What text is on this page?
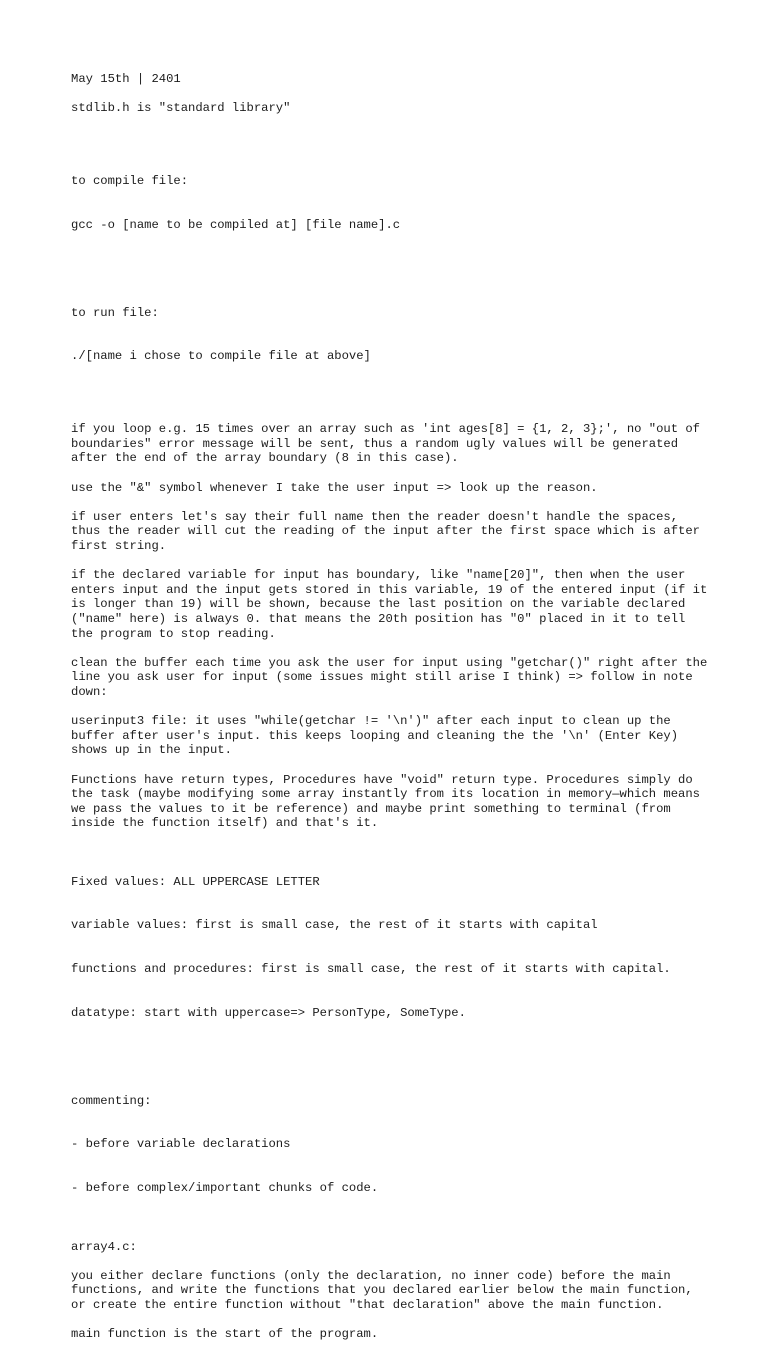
May 15th | 2401

stdlib.h is "standard library"

to compile file:

gcc -o [name to be compiled at] [file name].c

to run file:

./[name i chose to compile file at above]

if you loop e.g. 15 times over an array such as 'int ages[8] = {1, 2, 3};', no "out of boundaries" error message will be sent, thus a random ugly values will be generated after the end of the array boundary (8 in this case).

use the "&" symbol whenever I take the user input => look up the reason.

if user enters let's say their full name then the reader doesn't handle the spaces, thus the reader will cut the reading of the input after the first space which is after first string.

if the declared variable for input has boundary, like "name[20]", then when the user enters input and the input gets stored in this variable, 19 of the entered input (if it is longer than 19) will be shown, because the last position on the variable declared ("name" here) is always 0. that means the 20th position has "0" placed in it to tell the program to stop reading.

clean the buffer each time you ask the user for input using "getchar()" right after the line you ask user for input (some issues might still arise I think) => follow in note down:

userinput3 file: it uses "while(getchar != '\n')" after each input to clean up the buffer after user's input. this keeps looping and cleaning the the '\n' (Enter Key) shows up in the input.

Functions have return types, Procedures have "void" return type. Procedures simply do the task (maybe modifying some array instantly from its location in memory—which means we pass the values to it be reference) and maybe print something to terminal (from inside the function itself) and that's it.

Fixed values: ALL UPPERCASE LETTER

variable values: first is small case, the rest of it starts with capital

functions and procedures: first is small case, the rest of it starts with capital.

datatype: start with uppercase=> PersonType, SomeType.

commenting:

- before variable declarations

- before complex/important chunks of code.

array4.c:

you either declare functions (only the declaration, no inner code) before the main functions, and write the functions that you declared earlier below the main function, or create the entire function without "that declaration" above the main function.

main function is the start of the program.
